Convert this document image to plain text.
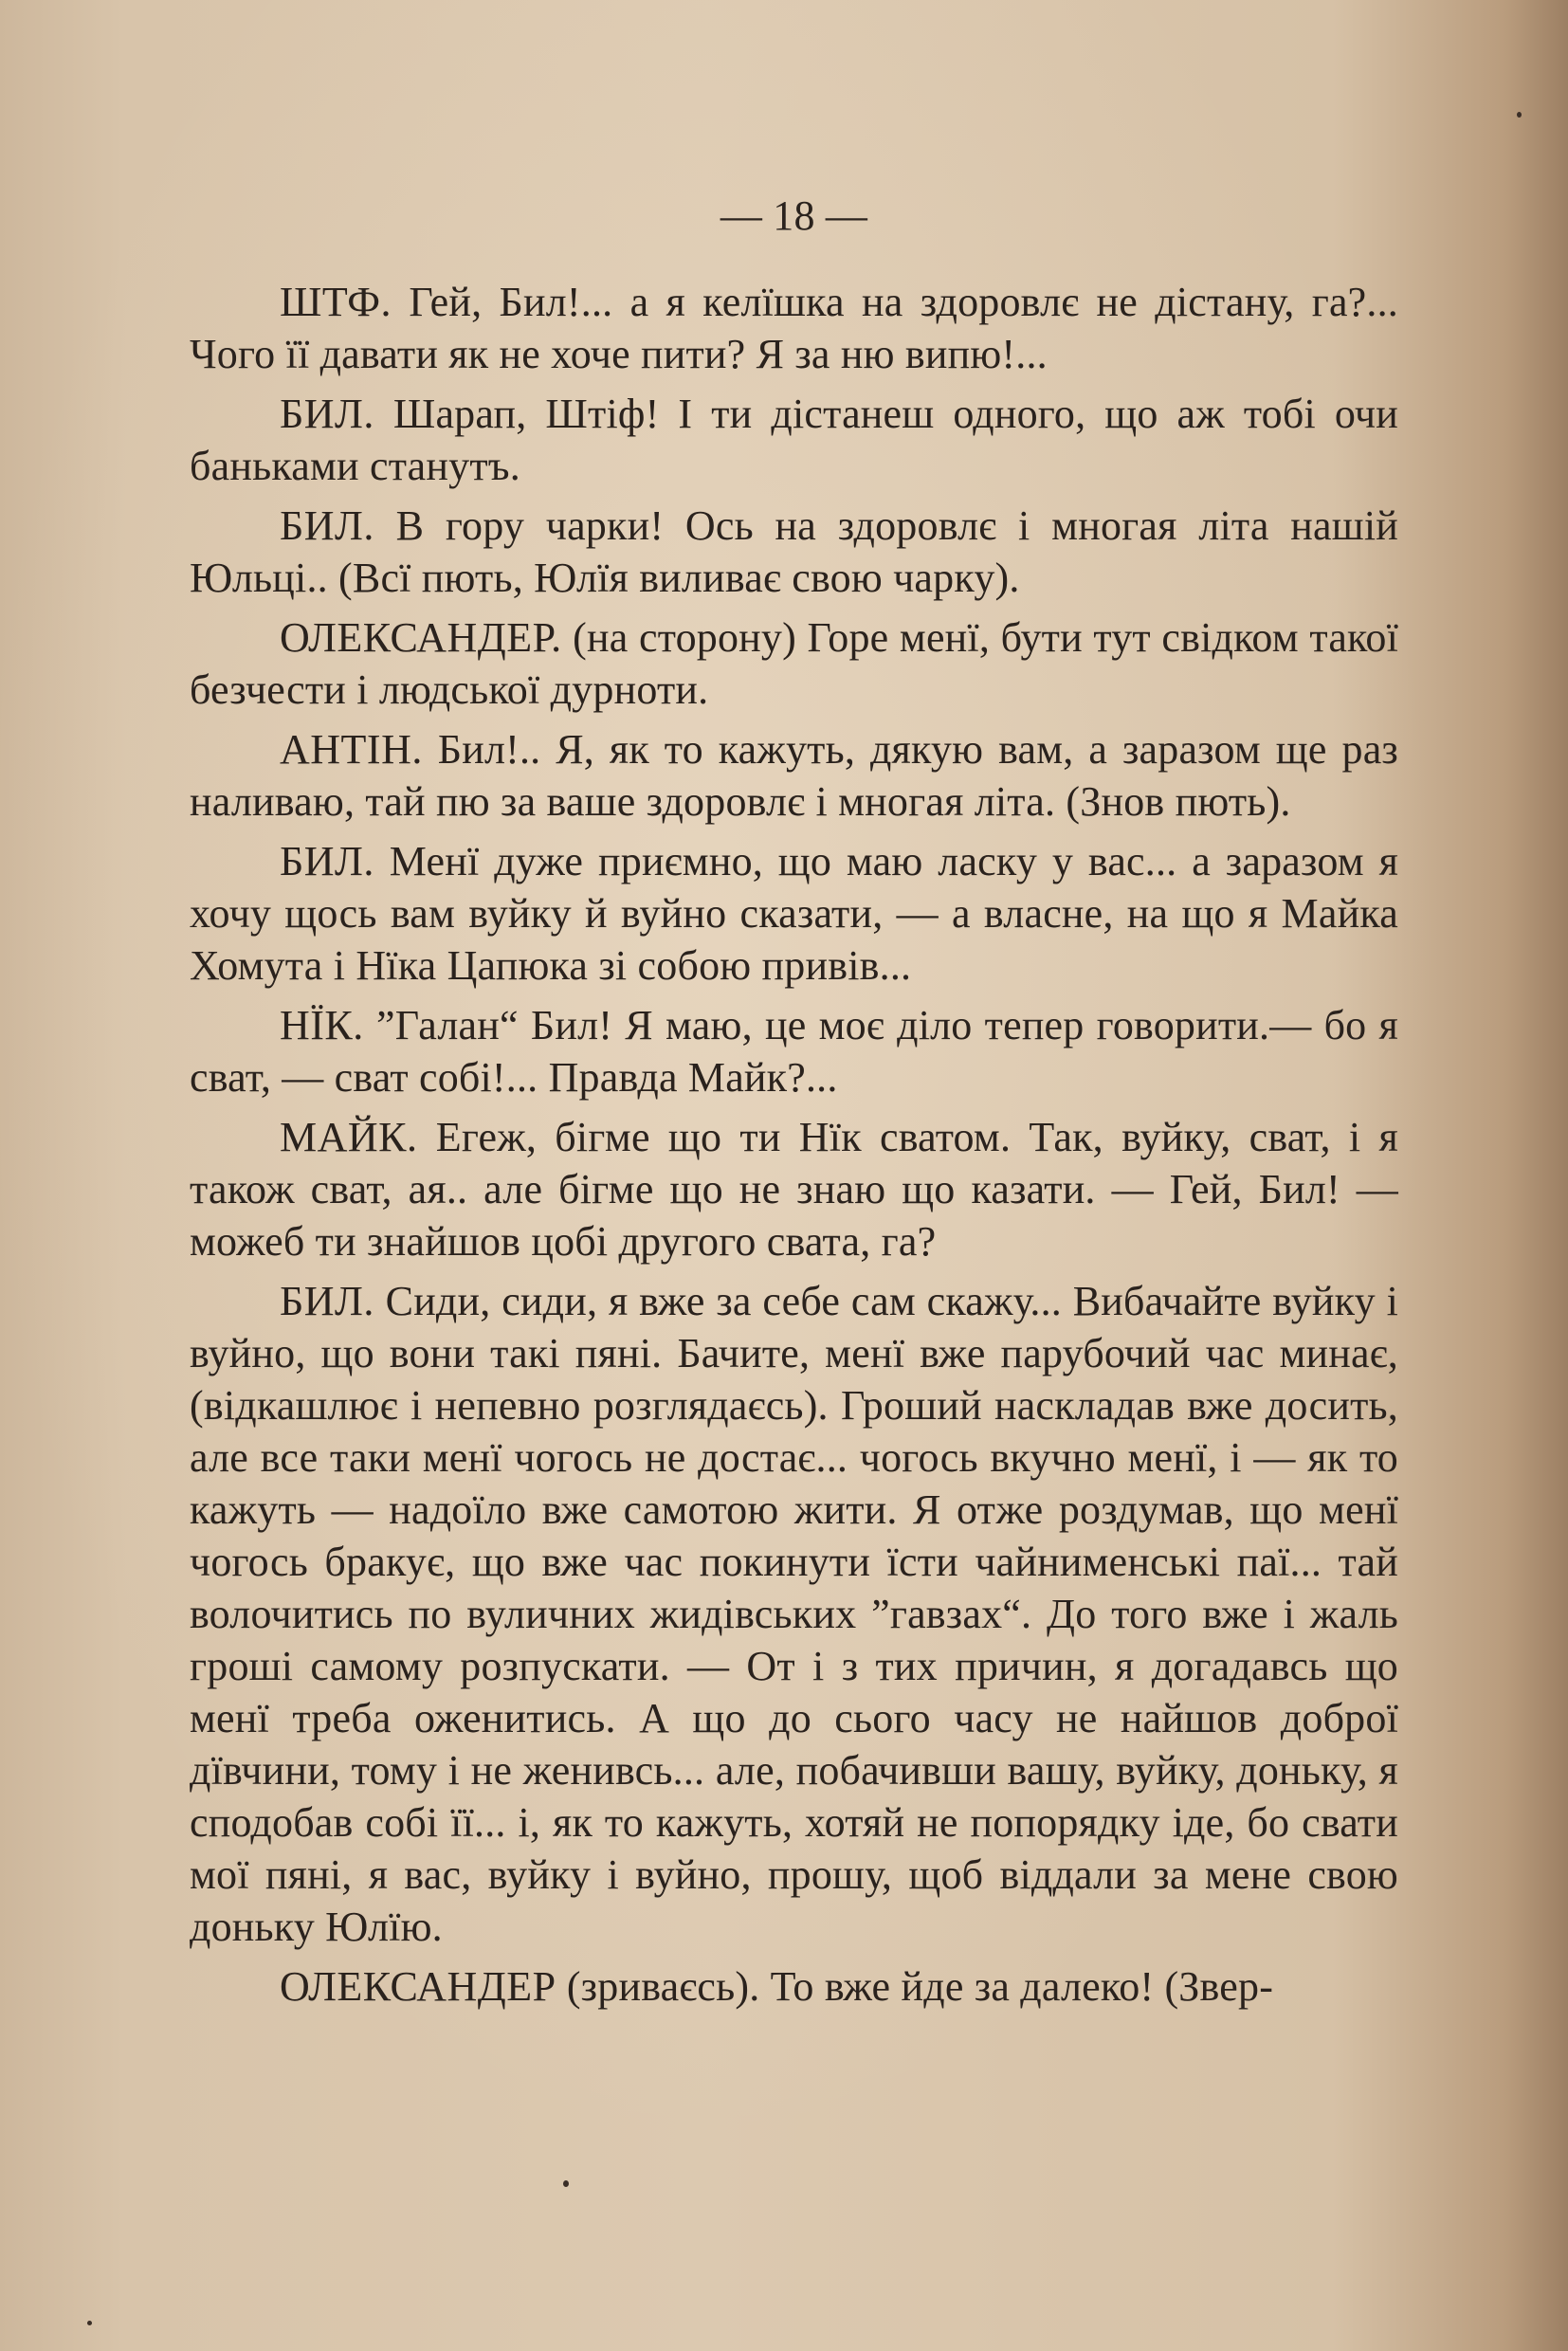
— 18 —

ШТФ. Гей, Бил!... а я келїшка на здоровлє не дістану, га?... Чого її давати як не хоче пити? Я за ню випю!...

БИЛ. Шарап, Штіф! І ти дістанеш одного, що аж тобі очи баньками станутъ.

БИЛ. В гору чарки! Ось на здоровлє і многая літа нашій Юльці.. (Всї пють, Юлїя виливає свою чарку).

ОЛЕКСАНДЕР. (на сторону) Горе менї, бути тут свідком такої безчести і людської дурноти.

АНТІН. Бил!.. Я, як то кажуть, дякую вам, а заразом ще раз наливаю, тай пю за ваше здоровлє і многая літа. (Знов пють).

БИЛ. Менї дуже приємно, що маю ласку у вас... а заразом я хочу щось вам вуйку й вуйно сказати, — а власне, на що я Майка Хомута і Нїка Цапюка зі собою привів...

НЇК. ”Галан“ Бил! Я маю, це моє діло тепер говорити.— бо я сват, — сват собі!... Правда Майк?...

МАЙК. Егеж, бігме що ти Нїк сватом. Так, вуйку, сват, і я також сват, ая.. але бігме що не знаю що казати. — Гей, Бил! — можеб ти знайшов цобі другого свата, га?

БИЛ. Сиди, сиди, я вже за себе сам скажу... Вибачайте вуйку і вуйно, що вони такі пяні. Бачите, менї вже парубочий час минає, (відкашлює і непевно розглядаєсь). Гроший наскладав вже досить, але все таки менї чогось не достає... чогось вкучно менї, і — як то кажуть — надоїло вже самотою жити. Я отже роздумав, що менї чогось бракує, що вже час покинути їсти чайнименські паї... тай волочитись по вуличних жидівських ”гавзах“. До того вже і жаль гроші самому розпускати. — От і з тих причин, я догадавсь що менї треба оженитись. А що до сього часу не найшов доброї дївчини, тому і не женивсь... але, побачивши вашу, вуйку, доньку, я сподобав собі її... і, як то кажуть, хотяй не попорядку іде, бо свати мої пяні, я вас, вуйку і вуйно, прошу, щоб віддали за мене свою доньку Юлїю.

ОЛЕКСАНДЕР (зриваєсь). То вже йде за далеко! (Звер-
